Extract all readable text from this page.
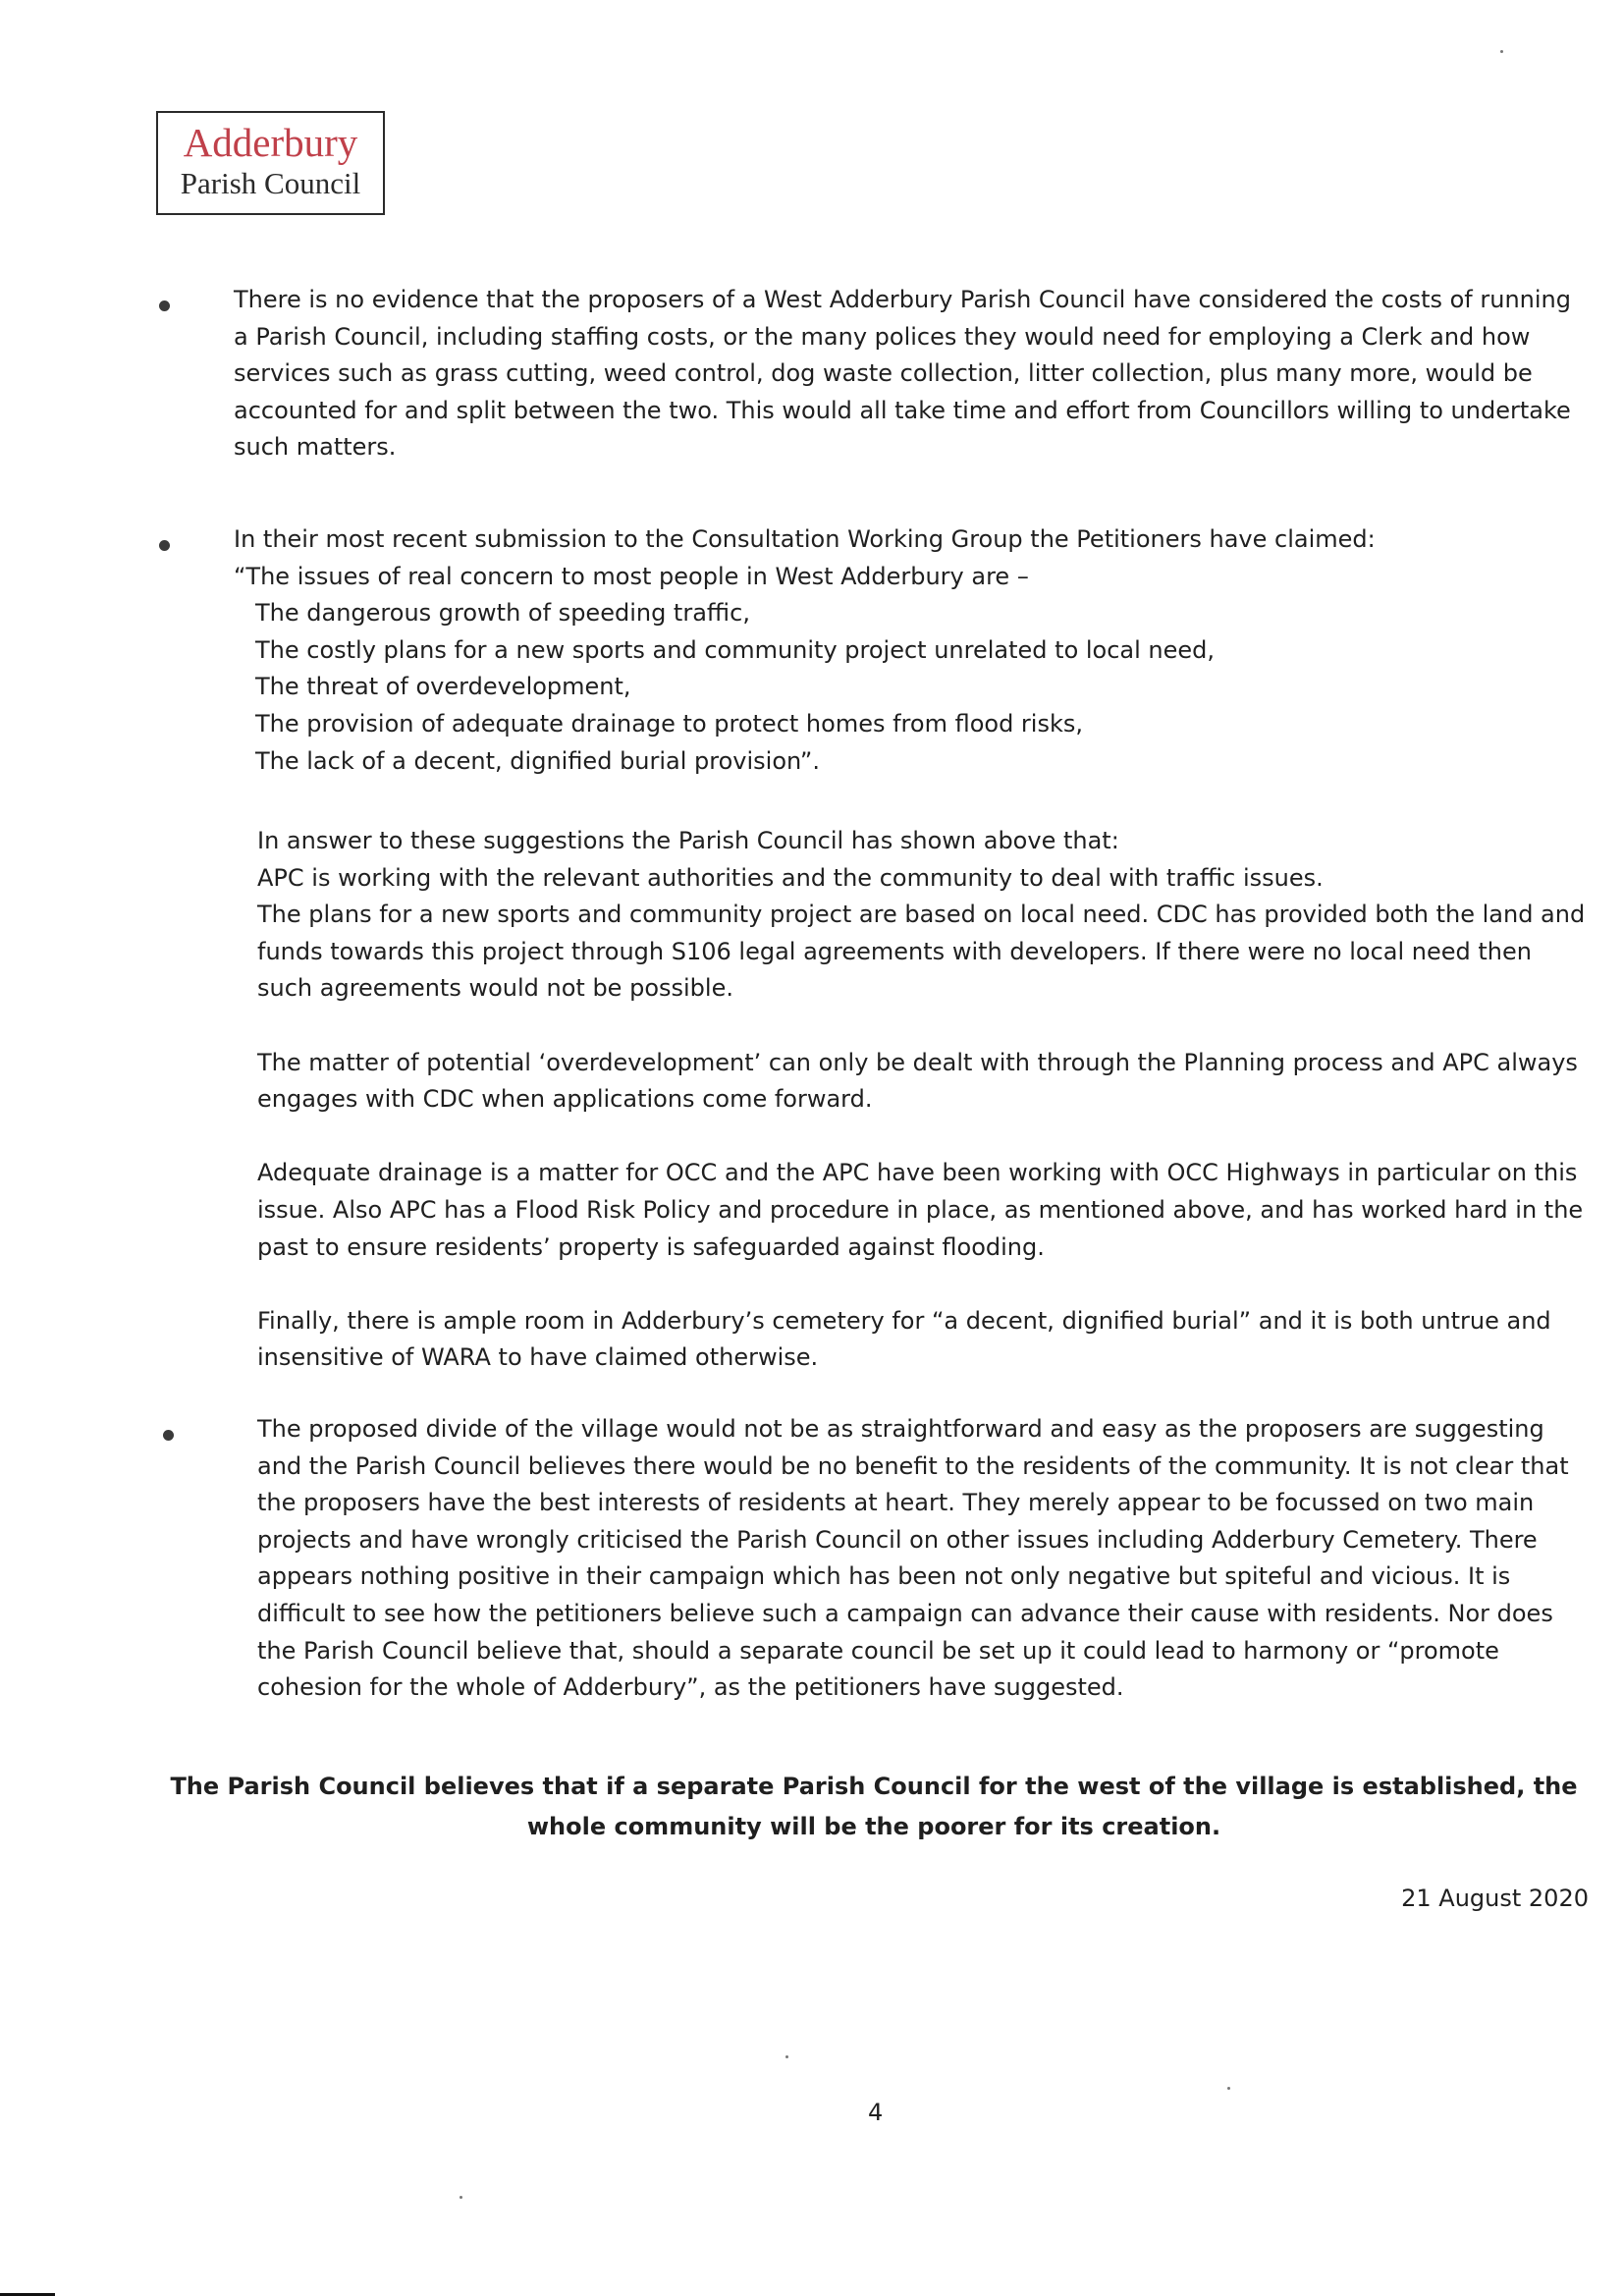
Adderbury
Parish Council

There is no evidence that the proposers of a West Adderbury Parish Council have considered the costs of running a Parish Council, including staffing costs, or the many polices they would need for employing a Clerk and how services such as grass cutting, weed control, dog waste collection, litter collection, plus many more, would be accounted for and split between the two. This would all take time and effort from Councillors willing to undertake such matters.

In their most recent submission to the Consultation Working Group the Petitioners have claimed:

“The issues of real concern to most people in West Adderbury are –

The dangerous growth of speeding traffic,

The costly plans for a new sports and community project unrelated to local need,

The threat of overdevelopment,

The provision of adequate drainage to protect homes from flood risks,

The lack of a decent, dignified burial provision”.

In answer to these suggestions the Parish Council has shown above that:

APC is working with the relevant authorities and the community to deal with traffic issues.

The plans for a new sports and community project are based on local need. CDC has provided both the land and funds towards this project through S106 legal agreements with developers. If there were no local need then such agreements would not be possible.

The matter of potential ‘overdevelopment’ can only be dealt with through the Planning process and APC always engages with CDC when applications come forward.

Adequate drainage is a matter for OCC and the APC have been working with OCC Highways in particular on this issue. Also APC has a Flood Risk Policy and procedure in place, as mentioned above, and has worked hard in the past to ensure residents’ property is safeguarded against flooding.

Finally, there is ample room in Adderbury’s cemetery for “a decent, dignified burial” and it is both untrue and insensitive of WARA to have claimed otherwise.

The proposed divide of the village would not be as straightforward and easy as the proposers are suggesting and the Parish Council believes there would be no benefit to the residents of the community. It is not clear that the proposers have the best interests of residents at heart. They merely appear to be focussed on two main projects and have wrongly criticised the Parish Council on other issues including Adderbury Cemetery. There appears nothing positive in their campaign which has been not only negative but spiteful and vicious. It is difficult to see how the petitioners believe such a campaign can advance their cause with residents. Nor does the Parish Council believe that, should a separate council be set up it could lead to harmony or “promote cohesion for the whole of Adderbury”, as the petitioners have suggested.

The Parish Council believes that if a separate Parish Council for the west of the village is established, the whole community will be the poorer for its creation.
21 August 2020
4
